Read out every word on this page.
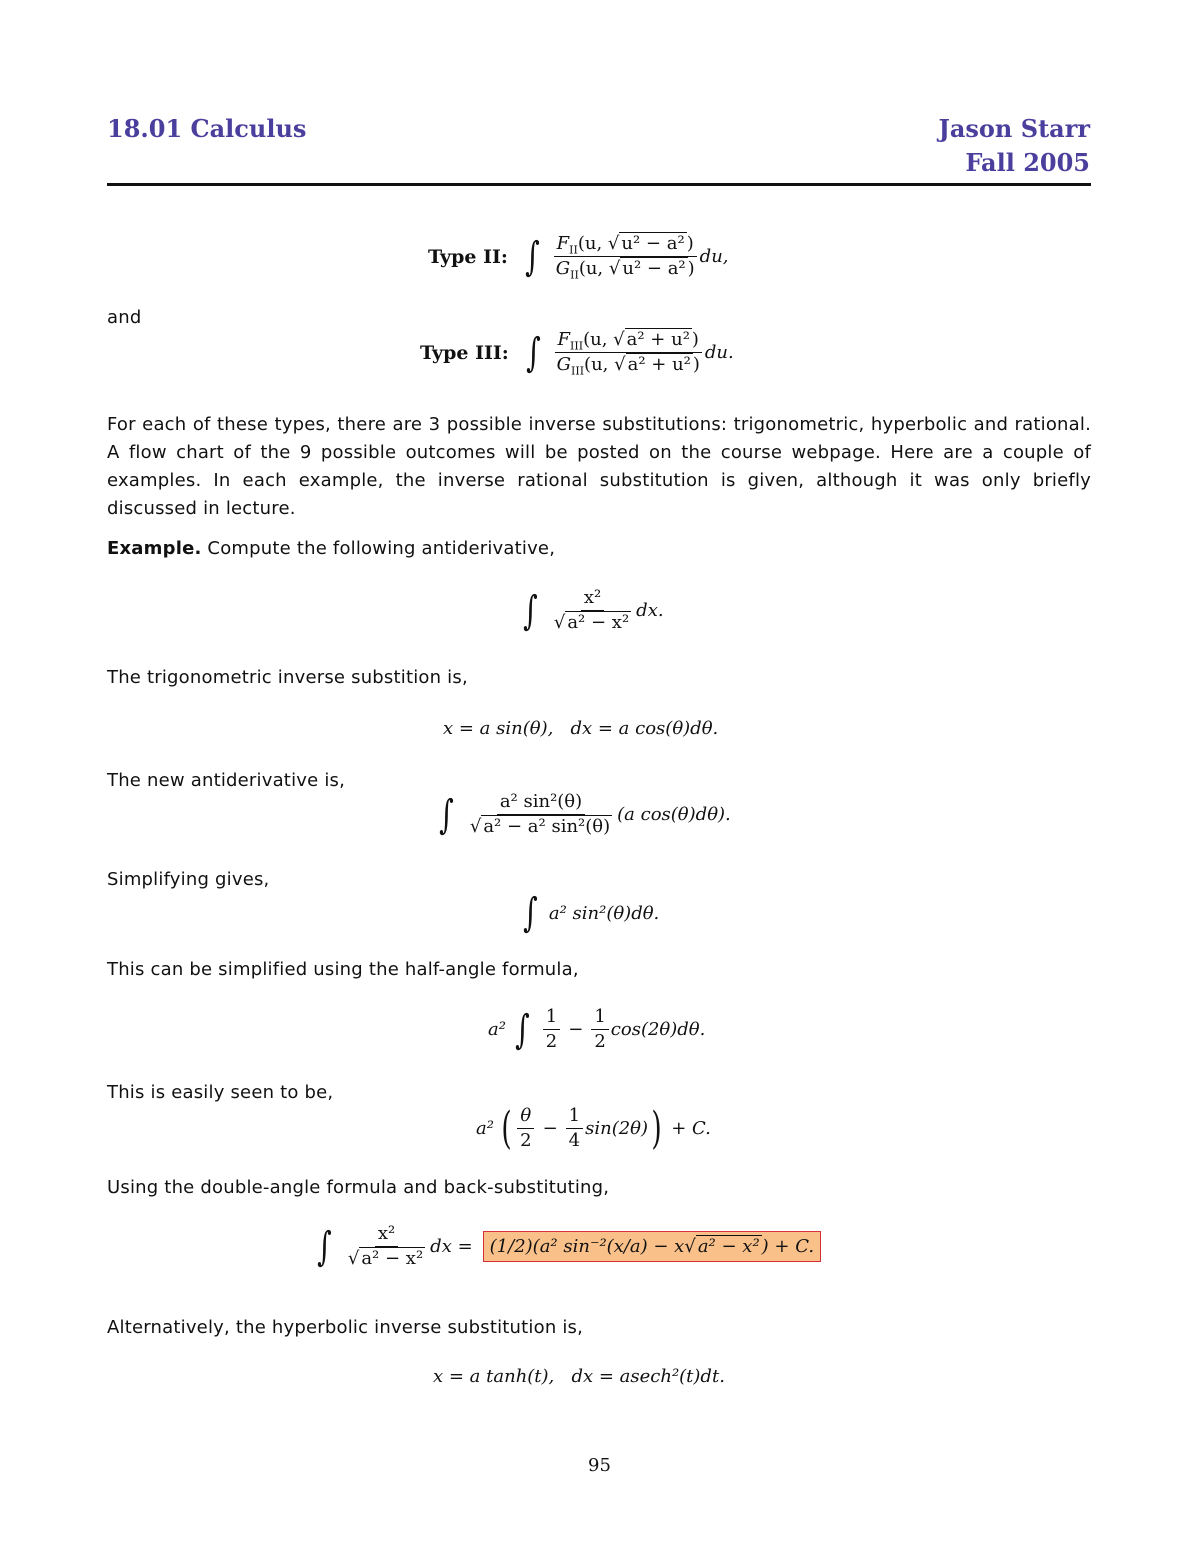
18.01 Calculus	Jason Starr
Fall 2005
Type II: ∫ $\frac{F_{II}(u, √ u^2 - a^2 )}{G_{II}(u, √ u^2 - a^2 )}$ du,
and
Type III: ∫ $\frac{F_{III}(u, √ a^2 + u^2 )}{G_{III}(u, √ a^2 + u^2 )}$ du.
For each of these types, there are 3 possible inverse substitutions: trigonometric, hyperbolic and rational. A flow chart of the 9 possible outcomes will be posted on the course webpage. Here are a couple of examples. In each example, the inverse rational substitution is given, although it was only briefly discussed in lecture.
Example. Compute the following antiderivative,
∫ $\frac{\text{x²}}{\text{√ a² − x²}}$ dx.
The trigonometric inverse substition is,
x = a sin(θ),   dx = a cos(θ)dθ.
The new antiderivative is,
∫ $\frac{\text{a² sin²(θ)}}{\text{√ a² − a² sin²(θ)}} (a$ cos(θ)dθ).
Simplifying gives,
∫ a² sin²(θ)dθ.
This can be simplified using the half-angle formula,
a² ∫ $\frac{1}{2} - \frac{1}{2} \cos(2\theta)d\theta$.
This is easily seen to be,
a² ( $\frac{\theta}{2} - \frac{1}{4} \sin(2\theta)$ ) + C.
Using the double-angle formula and back-substituting,
∫ $\frac{\text{x²}}{\text{√ a² − x²}}$ dx = (1/2)(a² sin⁻²(x/a) − x√ a² − x² ) + C.
Alternatively, the hyperbolic inverse substitution is,
x = a tanh(t),   dx = asech²(t)dt.
95
